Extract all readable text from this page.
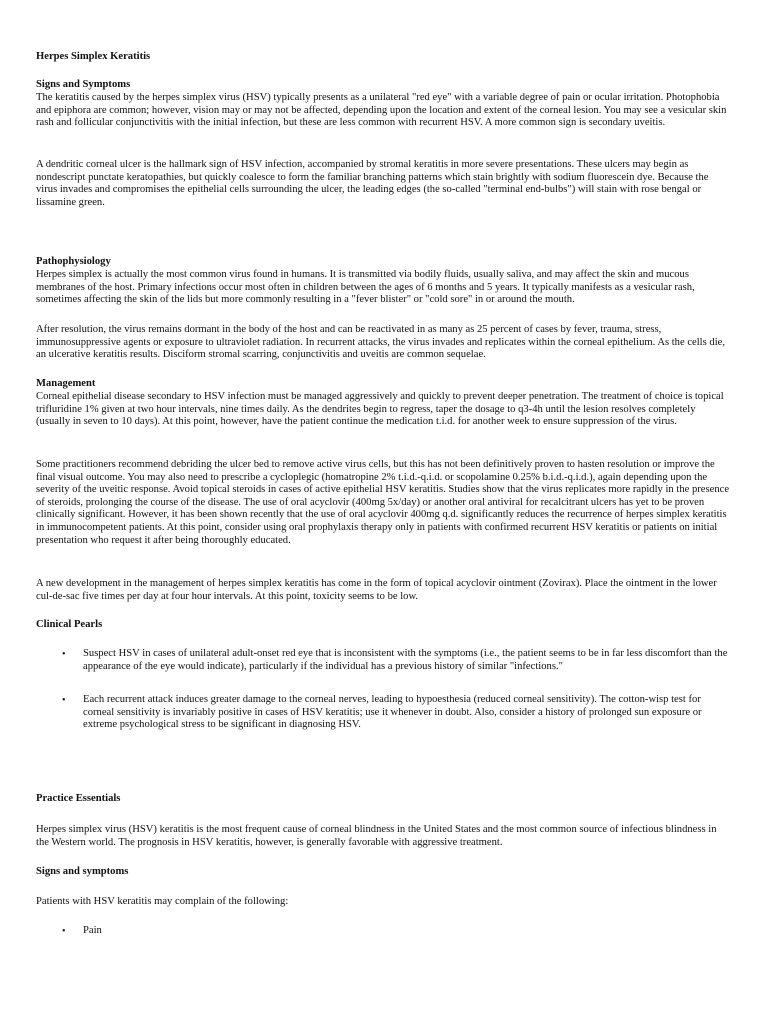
Herpes Simplex Keratitis
Signs and Symptoms

The keratitis caused by the herpes simplex virus (HSV) typically presents as a unilateral "red eye" with a variable degree of pain or ocular irritation. Photophobia and epiphora are common; however, vision may or may not be affected, depending upon the location and extent of the corneal lesion. You may see a vesicular skin rash and follicular conjunctivitis with the initial infection, but these are less common with recurrent HSV. A more common sign is secondary uveitis.

A dendritic corneal ulcer is the hallmark sign of HSV infection, accompanied by stromal keratitis in more severe presentations. These ulcers may begin as nondescript punctate keratopathies, but quickly coalesce to form the familiar branching patterns which stain brightly with sodium fluorescein dye. Because the virus invades and compromises the epithelial cells surrounding the ulcer, the leading edges (the so-called "terminal end-bulbs") will stain with rose bengal or lissamine green.

Pathophysiology

Herpes simplex is actually the most common virus found in humans. It is transmitted via bodily fluids, usually saliva, and may affect the skin and mucous membranes of the host. Primary infections occur most often in children between the ages of 6 months and 5 years. It typically manifests as a vesicular rash, sometimes affecting the skin of the lids but more commonly resulting in a "fever blister" or "cold sore" in or around the mouth.

After resolution, the virus remains dormant in the body of the host and can be reactivated in as many as 25 percent of cases by fever, trauma, stress, immunosuppressive agents or exposure to ultraviolet radiation. In recurrent attacks, the virus invades and replicates within the corneal epithelium. As the cells die, an ulcerative keratitis results. Disciform stromal scarring, conjunctivitis and uveitis are common sequelae.

Management

Corneal epithelial disease secondary to HSV infection must be managed aggressively and quickly to prevent deeper penetration. The treatment of choice is topical trifluridine 1% given at two hour intervals, nine times daily. As the dendrites begin to regress, taper the dosage to q3-4h until the lesion resolves completely (usually in seven to 10 days). At this point, however, have the patient continue the medication t.i.d. for another week to ensure suppression of the virus.

Some practitioners recommend debriding the ulcer bed to remove active virus cells, but this has not been definitively proven to hasten resolution or improve the final visual outcome. You may also need to prescribe a cycloplegic (homatropine 2% t.i.d.-q.i.d. or scopolamine 0.25% b.i.d.-q.i.d.), again depending upon the severity of the uveitic response. Avoid topical steroids in cases of active epithelial HSV keratitis. Studies show that the virus replicates more rapidly in the presence of steroids, prolonging the course of the disease. The use of oral acyclovir (400mg 5x/day) or another oral antiviral for recalcitrant ulcers has yet to be proven clinically significant. However, it has been shown recently that the use of oral acyclovir 400mg q.d. significantly reduces the recurrence of herpes simplex keratitis in immunocompetent patients. At this point, consider using oral prophylaxis therapy only in patients with confirmed recurrent HSV keratitis or patients on initial presentation who request it after being thoroughly educated.

A new development in the management of herpes simplex keratitis has come in the form of topical acyclovir ointment (Zovirax). Place the ointment in the lower cul-de-sac five times per day at four hour intervals. At this point, toxicity seems to be low.

Clinical Pearls
•	Suspect HSV in cases of unilateral adult-onset red eye that is inconsistent with the symptoms (i.e., the patient seems to be in far less discomfort than the appearance of the eye would indicate), particularly if the individual has a previous history of similar "infections."

•	Each recurrent attack induces greater damage to the corneal nerves, leading to hypoesthesia (reduced corneal sensitivity). The cotton-wisp test for corneal sensitivity is invariably positive in cases of HSV keratitis; use it whenever in doubt. Also, consider a history of prolonged sun exposure or extreme psychological stress to be significant in diagnosing HSV.

Practice Essentials

Herpes simplex virus (HSV) keratitis is the most frequent cause of corneal blindness in the United States and the most common source of infectious blindness in the Western world. The prognosis in HSV keratitis, however, is generally favorable with aggressive treatment.

Signs and symptoms

Patients with HSV keratitis may complain of the following:

•	Pain
